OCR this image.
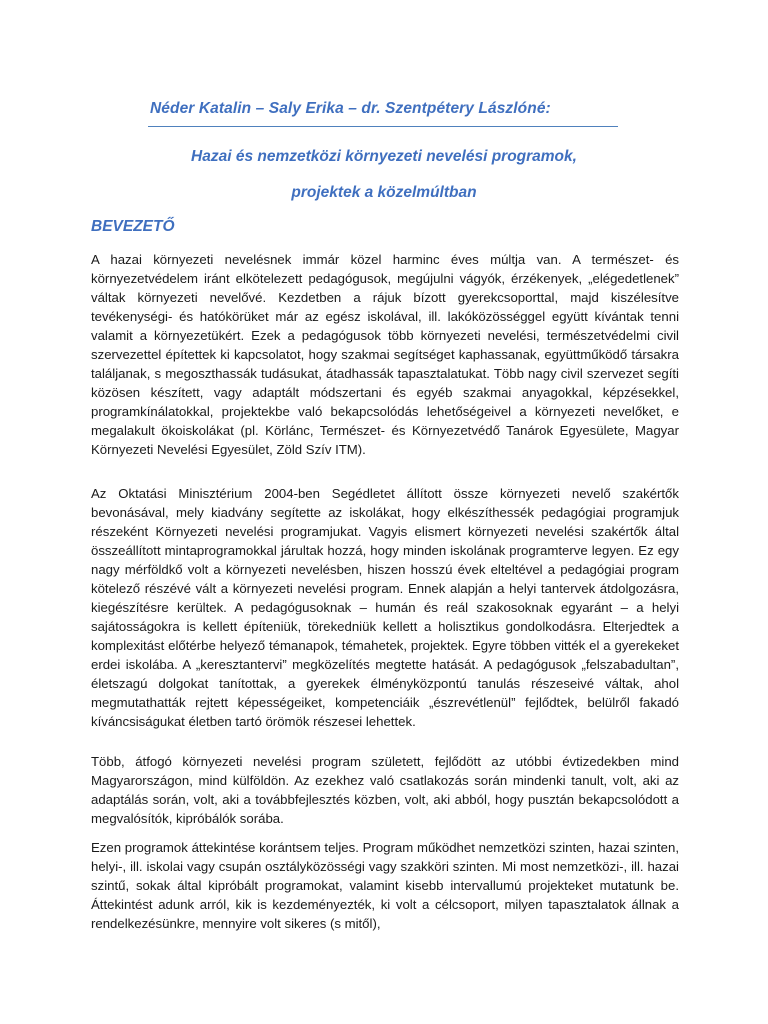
Néder Katalin – Saly Erika – dr. Szentpétery Lászlóné:
Hazai és nemzetközi környezeti nevelési programok,
projektek a közelmúltban
BEVEZETŐ

A hazai környezeti nevelésnek immár közel harminc éves múltja van. A természet- és környezetvédelem iránt elkötelezett pedagógusok, megújulni vágyók, érzékenyek, „elégedetlenek” váltak környezeti nevelővé. Kezdetben a rájuk bízott gyerekcsoporttal, majd kiszélesítve tevékenységi- és hatókörüket már az egész iskolával, ill. lakóközösséggel együtt kívántak tenni valamit a környezetükért. Ezek a pedagógusok több környezeti nevelési, természetvédelmi civil szervezettel építettek ki kapcsolatot, hogy szakmai segítséget kaphassanak, együttműködő társakra találjanak, s megoszthassák tudásukat, átadhassák tapasztalatukat. Több nagy civil szervezet segíti közösen készített, vagy adaptált módszertani és egyéb szakmai anyagokkal, képzésekkel, programkínálatokkal, projektekbe való bekapcsolódás lehetőségeivel a környezeti nevelőket, e megalakult ökoiskolákat (pl. Körlánc, Természet- és Környezetvédő Tanárok Egyesülete, Magyar Környezeti Nevelési Egyesület, Zöld Szív ITM).

Az Oktatási Minisztérium 2004-ben Segédletet állított össze környezeti nevelő szakértők bevonásával, mely kiadvány segítette az iskolákat, hogy elkészíthessék pedagógiai programjuk részeként Környezeti nevelési programjukat. Vagyis elismert környezeti nevelési szakértők által összeállított mintaprogramokkal járultak hozzá, hogy minden iskolának programterve legyen. Ez egy nagy mérföldkő volt a környezeti nevelésben, hiszen hosszú évek elteltével a pedagógiai program kötelező részévé vált a környezeti nevelési program. Ennek alapján a helyi tantervek átdolgozásra, kiegészítésre kerültek. A pedagógusoknak – humán és reál szakosoknak egyaránt – a helyi sajátosságokra is kellett építeniük, törekedniük kellett a holisztikus gondolkodásra. Elterjedtek a komplexitást előtérbe helyező témanapok, témahetek, projektek. Egyre többen vitték el a gyerekeket erdei iskolába. A „keresztantervi” megközelítés megtette hatását. A pedagógusok „felszabadultan”, életszagú dolgokat tanítottak, a gyerekek élményközpontú tanulás részeseivé váltak, ahol megmutathatták rejtett képességeiket, kompetenciáik „észrevétlenül” fejlődtek, belülről fakadó kíváncsiságukat életben tartó örömök részesei lehettek.

Több, átfogó környezeti nevelési program született, fejlődött az utóbbi évtizedekben mind Magyarországon, mind külföldön. Az ezekhez való csatlakozás során mindenki tanult, volt, aki az adaptálás során, volt, aki a továbbfejlesztés közben, volt, aki abból, hogy pusztán bekapcsolódott a megvalósítók, kipróbálók sorába.

Ezen programok áttekintése korántsem teljes. Program működhet nemzetközi szinten, hazai szinten, helyi-, ill. iskolai vagy csupán osztályközösségi vagy szakköri szinten. Mi most nemzetközi-, ill. hazai szintű, sokak által kipróbált programokat, valamint kisebb intervallumú projekteket mutatunk be. Áttekintést adunk arról, kik is kezdeményezték, ki volt a célcsoport, milyen tapasztalatok állnak a rendelkezésünkre, mennyire volt sikeres (s mitől),
